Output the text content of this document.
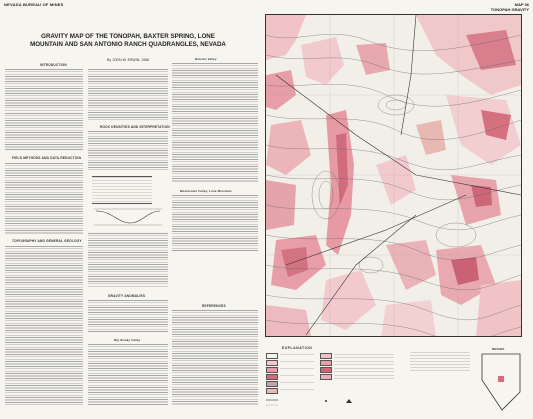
NEVADA BUREAU OF MINES	MAP 36
TONOPAH GRAVITY
GRAVITY MAP OF THE TONOPAH, BAXTER SPRING, LONE MOUNTAIN AND SAN ANTONIO RANCH QUADRANGLES, NEVADA
By JOHN W. ERWIN, 1968
INTRODUCTION
FIELD METHODS AND DATA REDUCTION
TOPOGRAPHY AND GENERAL GEOLOGY
ROCK DENSITIES AND INTERPRETATION
GRAVITY ANOMALIES
Big Smoky Valley
Ralston Valley
Montezuma Valley, Lone Mountain
REFERENCES
EXPLANATION	NEVADA
